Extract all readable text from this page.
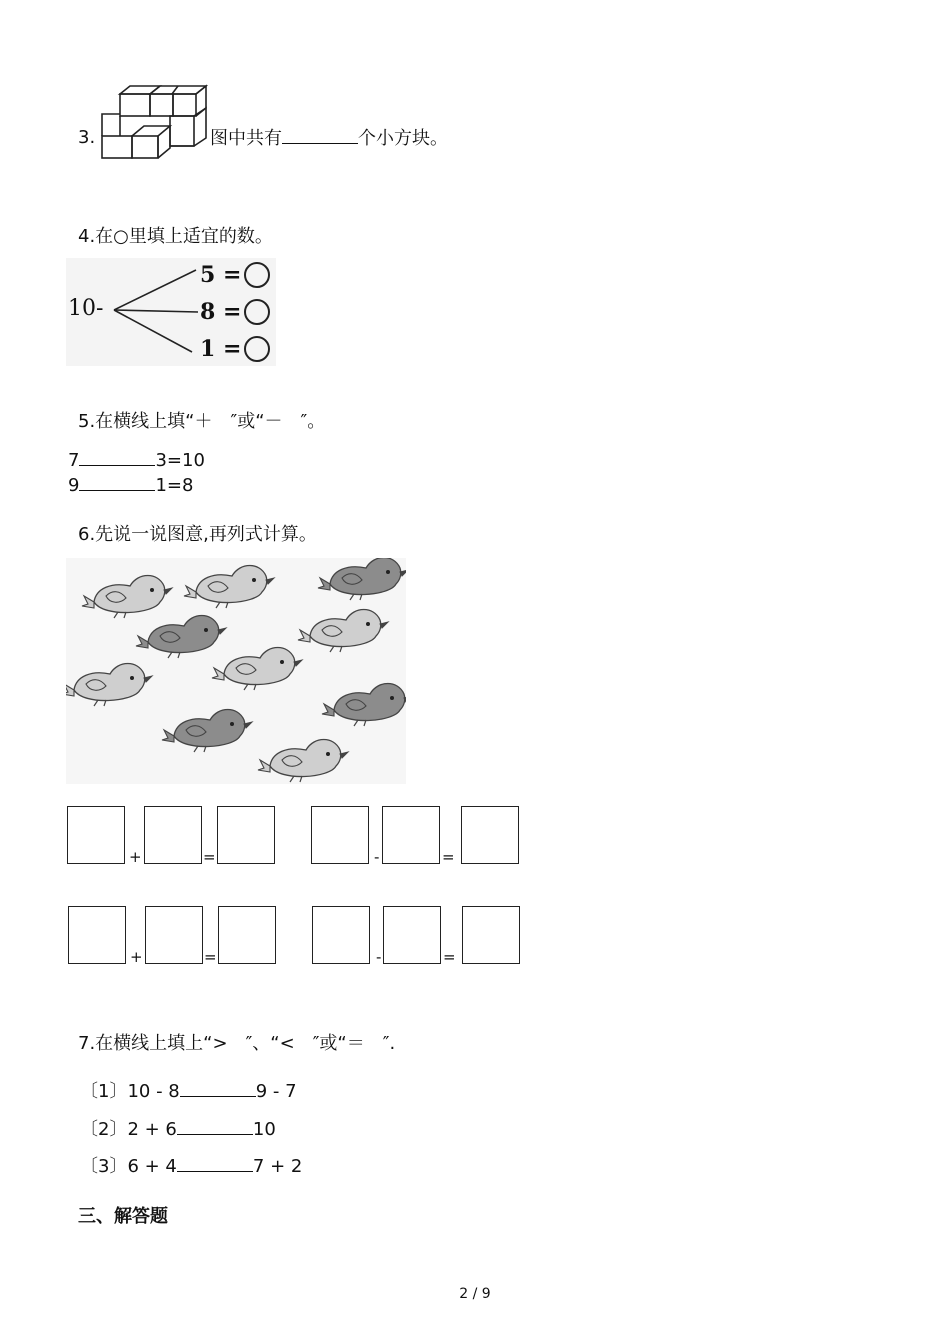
3.	图中共有	个小方块。
4.在○里填上适宜的数。
10-
5 =
8 =
1 =
5.在横线上填“＋　″或“－　″。
7	3=10
9	1=8
6.先说一说图意,再列式计算。
+	=	-	=
+	=	-	=
7.在横线上填上“>　″、“<　″或“＝　″.
〔1〕10 - 8	9 - 7
〔2〕2 + 6	10
〔3〕6 + 4	7 + 2
三、解答题
2 / 9
